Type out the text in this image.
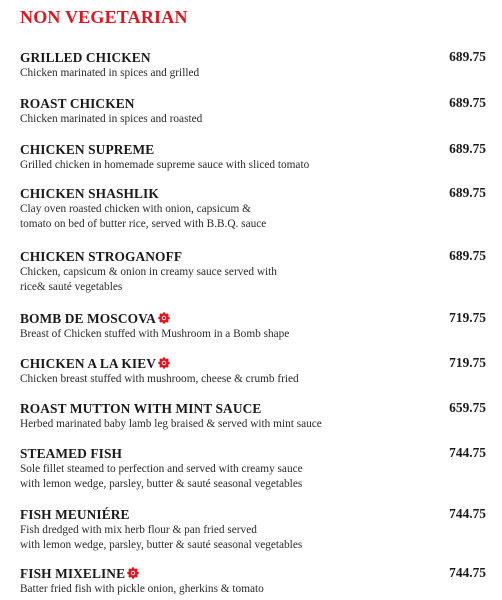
NON VEGETARIAN
GRILLED CHICKEN	689.75
Chicken marinated in spices and grilled
ROAST CHICKEN	689.75
Chicken marinated in spices and roasted
CHICKEN SUPREME	689.75
Grilled chicken in homemade supreme sauce with sliced tomato
CHICKEN SHASHLIK	689.75
Clay oven roasted chicken with onion, capsicum &
tomato on bed of butter rice, served with B.B.Q. sauce
CHICKEN STROGANOFF	689.75
Chicken, capsicum & onion in creamy sauce served with
rice& sauté vegetables
BOMB DE MOSCOVA	719.75
Breast of Chicken stuffed with Mushroom in a Bomb shape
CHICKEN A LA KIEV	719.75
Chicken breast stuffed with mushroom, cheese & crumb fried
ROAST MUTTON WITH MINT SAUCE	659.75
Herbed marinated baby lamb leg braised & served with mint sauce
STEAMED FISH	744.75
Sole fillet steamed to perfection and served with creamy sauce
with lemon wedge, parsley, butter & sauté seasonal vegetables
FISH MEUNIÉRE	744.75
Fish dredged with mix herb flour & pan fried served
with lemon wedge, parsley, butter & sauté seasonal vegetables
FISH MIXELINE	744.75
Batter fried fish with pickle onion, gherkins & tomato
